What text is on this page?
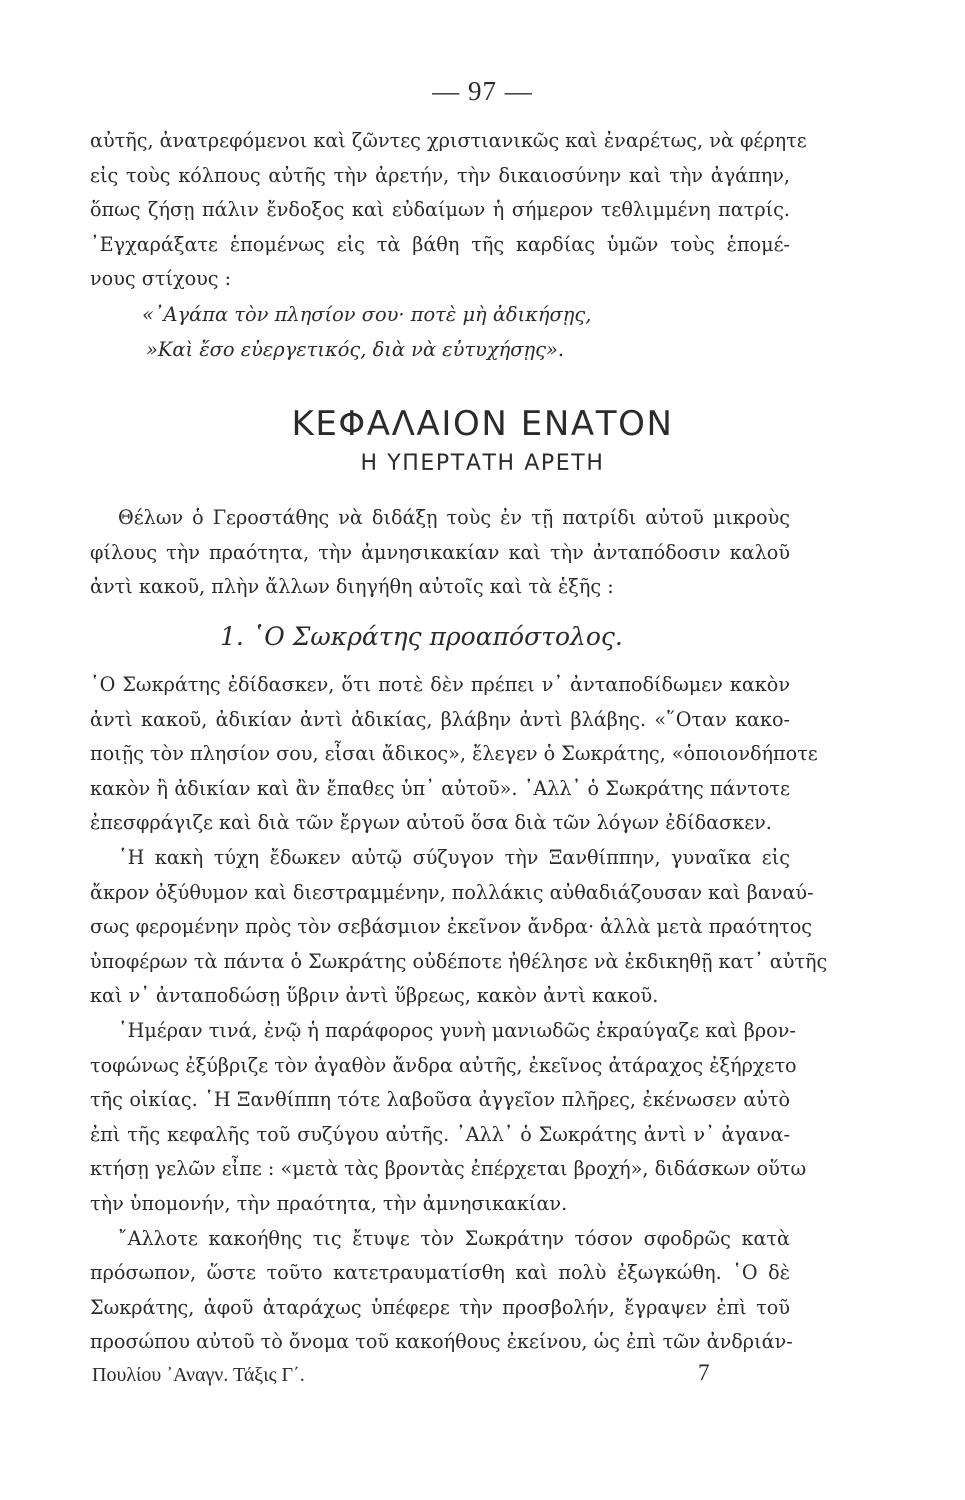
— 97 —
αὐτῆς, ἀνατρεφόμενοι καὶ ζῶντες χριστιανικῶς καὶ ἐναρέτως, νὰ φέρητε
εἰς τοὺς κόλπους αὐτῆς τὴν ἀρετήν, τὴν δικαιοσύνην καὶ τὴν ἀγάπην,
ὅπως ζήσῃ πάλιν ἔνδοξος καὶ εὐδαίμων ἡ σήμερον τεθλιμμένη πατρίς.
᾿Εγχαράξατε ἑπομένως εἰς τὰ βάθη τῆς καρδίας ὑμῶν τοὺς ἑπομέ-
νους στίχους :
«᾿Αγάπα τὸν πλησίον σου· ποτὲ μὴ ἀδικήσῃς,
»Καὶ ἔσο εὐεργετικός, διὰ νὰ εὐτυχήσῃς».
ΚΕΦΑΛΑΙΟΝ ΕΝΑΤΟΝ
Η ΥΠΕΡΤΑΤΗ ΑΡΕΤΗ
Θέλων ὁ Γεροστάθης νὰ διδάξῃ τοὺς ἐν τῇ πατρίδι αὐτοῦ μικροὺς
φίλους τὴν πραότητα, τὴν ἀμνησικακίαν καὶ τὴν ἀνταπόδοσιν καλοῦ
ἀντὶ κακοῦ, πλὴν ἄλλων διηγήθη αὐτοῖς καὶ τὰ ἑξῆς :
1. ῾Ο Σωκράτης προαπόστολος.
῾Ο Σωκράτης ἐδίδασκεν, ὅτι ποτὲ δὲν πρέπει ν᾿ ἀνταποδίδωμεν κακὸν
ἀντὶ κακοῦ, ἀδικίαν ἀντὶ ἀδικίας, βλάβην ἀντὶ βλάβης. «῞Οταν κακο-
ποιῇς τὸν πλησίον σου, εἶσαι ἄδικος», ἔλεγεν ὁ Σωκράτης, «ὁποιονδήποτε
κακὸν ἢ ἀδικίαν καὶ ἂν ἔπαθες ὑπ᾿ αὐτοῦ». ᾿Αλλ᾿ ὁ Σωκράτης πάντοτε
ἐπεσφράγιζε καὶ διὰ τῶν ἔργων αὐτοῦ ὅσα διὰ τῶν λόγων ἐδίδασκεν.
῾Η κακὴ τύχη ἔδωκεν αὐτῷ σύζυγον τὴν Ξανθίππην, γυναῖκα εἰς
ἄκρον ὀξύθυμον καὶ διεστραμμένην, πολλάκις αὐθαδιάζουσαν καὶ βαναύ-
σως φερομένην πρὸς τὸν σεβάσμιον ἐκεῖνον ἄνδρα· ἀλλὰ μετὰ πραότητος
ὑποφέρων τὰ πάντα ὁ Σωκράτης οὐδέποτε ἠθέλησε νὰ ἐκδικηθῇ κατ᾿ αὐτῆς
καὶ ν᾿ ἀνταποδώσῃ ὕβριν ἀντὶ ὕβρεως, κακὸν ἀντὶ κακοῦ.
῾Ημέραν τινά, ἐνῷ ἡ παράφορος γυνὴ μανιωδῶς ἐκραύγαζε καὶ βρον-
τοφώνως ἐξύβριζε τὸν ἀγαθὸν ἄνδρα αὐτῆς, ἐκεῖνος ἀτάραχος ἐξήρχετο
τῆς οἰκίας. ῾Η Ξανθίππη τότε λαβοῦσα ἀγγεῖον πλῆρες, ἐκένωσεν αὐτὸ
ἐπὶ τῆς κεφαλῆς τοῦ συζύγου αὐτῆς. ᾿Αλλ᾿ ὁ Σωκράτης ἀντὶ ν᾿ ἀγανα-
κτήσῃ γελῶν εἶπε : «μετὰ τὰς βροντὰς ἐπέρχεται βροχή», διδάσκων οὕτω
τὴν ὑπομονήν, τὴν πραότητα, τὴν ἀμνησικακίαν.
῎Αλλοτε κακοήθης τις ἔτυψε τὸν Σωκράτην τόσον σφοδρῶς κατὰ
πρόσωπον, ὥστε τοῦτο κατετραυματίσθη καὶ πολὺ ἐξωγκώθη. ῾Ο δὲ
Σωκράτης, ἀφοῦ ἀταράχως ὑπέφερε τὴν προσβολήν, ἔγραψεν ἐπὶ τοῦ
προσώπου αὐτοῦ τὸ ὄνομα τοῦ κακοήθους ἐκείνου, ὡς ἐπὶ τῶν ἀνδριάν-
Πουλίου ᾿Αναγν. Τάξις Γ΄.	7
